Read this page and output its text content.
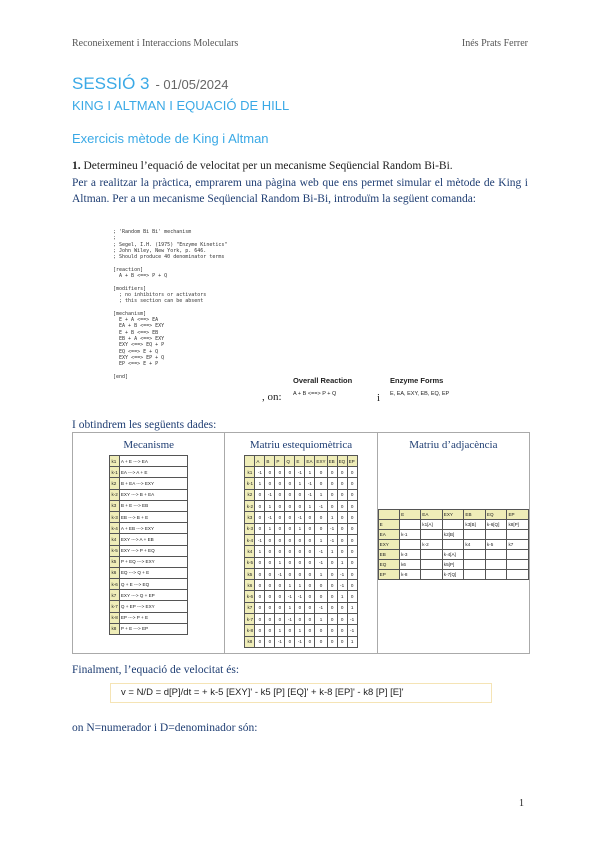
Reconeixement i Interaccions Moleculars	Inés Prats Ferrer
SESSIÓ 3 - 01/05/2024
KING I ALTMAN I EQUACIÓ DE HILL
Exercicis mètode de King i Altman
1. Determineu l’equació de velocitat per un mecanisme Seqüencial Random Bi-Bi.
Per a realitzar la pràctica, emprarem una pàgina web que ens permet simular el mètode de King i Altman. Per a un mecanisme Seqüencial Random Bi-Bi, introduïm la següent comanda:
; 'Random Bi Bi' mechanism
;
; Segel, I.H. (1975) "Enzyme Kinetics"
; John Wiley, New York, p. 646.
; Should produce 40 denominator terms

[reaction]
A + B <==> P + Q

[modifiers]
; no inhibitors or activators
; this section can be absent

[mechanism]
E + A <==> EA
EA + B <==> EXY
E + B <==> EB
EB + A <==> EXY
EXY <==> EQ + P
EQ <==> E + Q
EXY <==> EP + Q
EP <==> E + P

[end]
, on:
Overall Reaction
A + B <==> P + Q	i
Enzyme Forms
E, EA, EXY, EB, EQ, EP
I obtindrem les següents dades:
Mecanisme
k1	A + E ---> EA
k-1	EA ---> A + E
k2	B + EA ---> EXY
k-2	EXY ---> B + EA
k3	B + E ---> EB
k-3	EB ---> B + E
k-4	A + EB ---> EXY
k4	EXY ---> A + EB
k-5	EXY ---> P + EQ
k5	P + EQ ---> EXY
k6	EQ ---> Q + E
k-6	Q + E ---> EQ
k7	EXY ---> Q + EP
k-7	Q + EP ---> EXY
k-8	EP ---> P + E
k8	P + E ---> EP
Matriu estequiomètrica
	A	B	P	Q	E	EA	EXY	EB	EQ	EP
k1	-1	0	0	0	-1	1	0	0	0	0
k-1	1	0	0	0	1	-1	0	0	0	0
k2	0	-1	0	0	0	-1	1	0	0	0
k-2	0	1	0	0	0	1	-1	0	0	0
k3	0	-1	0	0	-1	0	0	1	0	0
k-3	0	1	0	0	1	0	0	-1	0	0
k-4	-1	0	0	0	0	0	1	-1	0	0
k4	1	0	0	0	0	0	-1	1	0	0
k-5	0	0	1	0	0	0	-1	0	1	0
k5	0	0	-1	0	0	0	1	0	-1	0
k6	0	0	0	1	1	0	0	0	-1	0
k-6	0	0	0	-1	-1	0	0	0	1	0
k7	0	0	0	1	0	0	-1	0	0	1
k-7	0	0	0	-1	0	0	1	0	0	-1
k-8	0	0	1	0	1	0	0	0	0	-1
k8	0	0	-1	0	-1	0	0	0	0	1
Matriu d’adjacència
	E	EA	EXY	EB	EQ	EP
E		k1[A]		k3[B]	k-6[Q]	k8[P]
EA	k-1		k2[B]			
EXY		k-2		k4	k-5	k7
EB	k-3		k-4[A]			
EQ	k6		k5[P]			
EP	k-8		k-7[Q]			
Finalment, l’equació de velocitat és:
v = N/D = d[P]/dt = + k-5 [EXY]' - k5 [P] [EQ]' + k-8 [EP]' - k8 [P] [E]'
on N=numerador i D=denominador són:
1
